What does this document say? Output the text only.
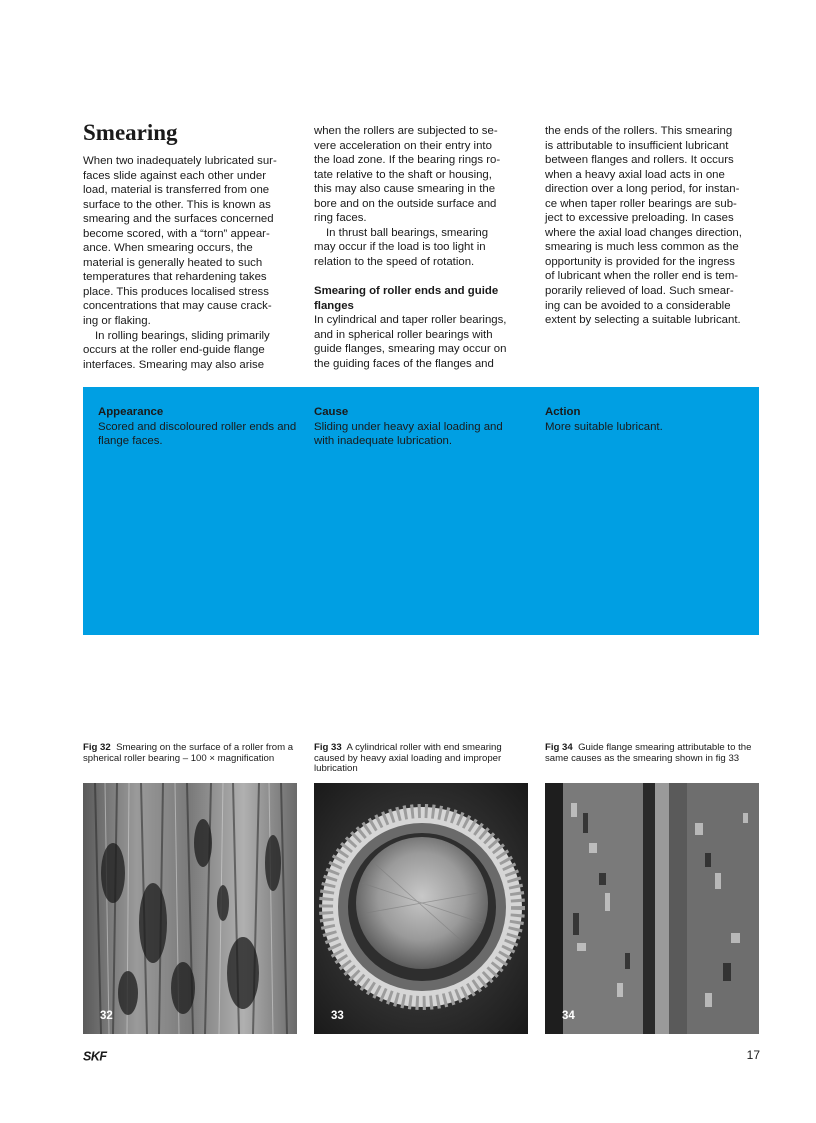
Smearing

When two inadequately lubricated sur-

faces slide against each other under

load, material is transferred from one

surface to the other. This is known as

smearing and the surfaces concerned

become scored, with a “torn” appear-

ance. When smearing occurs, the

material is generally heated to such

temperatures that rehardening takes

place. This produces localised stress

concentrations that may cause crack-

ing or flaking.

In rolling bearings, sliding primarily

occurs at the roller end-guide flange

interfaces. Smearing may also arise

when the rollers are subjected to se-

vere acceleration on their entry into

the load zone. If the bearing rings ro-

tate relative to the shaft or housing,

this may also cause smearing in the

bore and on the outside surface and

ring faces.

In thrust ball bearings, smearing

may occur if the load is too light in

relation to the speed of rotation.

Smearing of roller ends and guide

flanges

In cylindrical and taper roller bearings,

and in spherical roller bearings with

guide flanges, smearing may occur on

the guiding faces of the flanges and

the ends of the rollers. This smearing

is attributable to insufficient lubricant

between flanges and rollers. It occurs

when a heavy axial load acts in one

direction over a long period, for instan-

ce when taper roller bearings are sub-

ject to excessive preloading. In cases

where the axial load changes direction,

smearing is much less common as the

opportunity is provided for the ingress

of lubricant when the roller end is tem-

porarily relieved of load. Such smear-

ing can be avoided to a considerable

extent by selecting a suitable lubricant.

Appearance
Scored and discoloured roller ends and flange faces.
Cause
Sliding under heavy axial loading and with inadequate lubrication.
Action
More suitable lubricant.
Fig 32 Smearing on the surface of a roller from a spherical roller bearing – 100 × magnification
Fig 33 A cylindrical roller with end smearing caused by heavy axial loading and improper lubrication
Fig 34 Guide flange smearing attributable to the same causes as the smearing shown in fig 33
32	33	34
SKF	17
